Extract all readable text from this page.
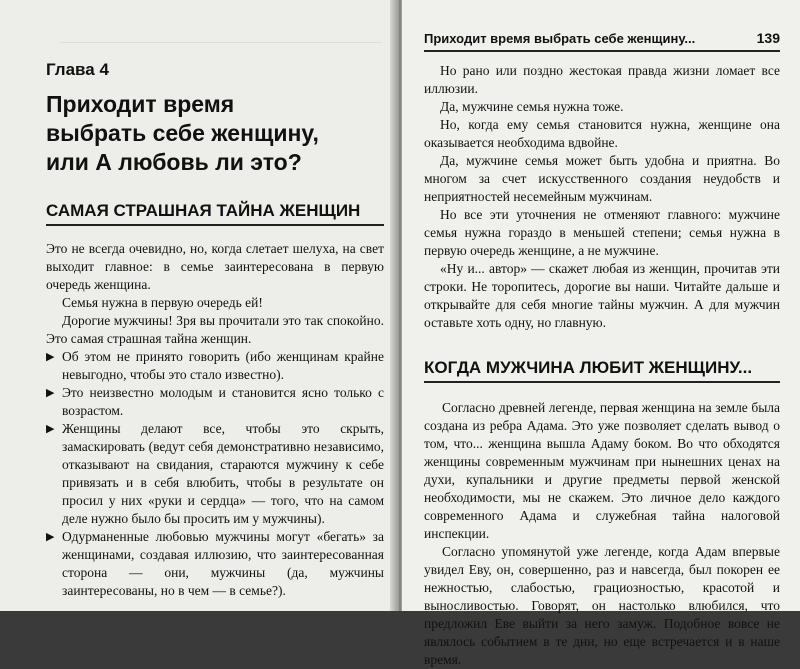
Глава 4
Приходит время
выбрать себе женщину,
или А любовь ли это?
САМАЯ СТРАШНАЯ ТАЙНА ЖЕНЩИН

Это не всегда очевидно, но, когда слетает шелуха, на свет выходит главное: в семье заинтересована в первую очередь женщина.

Семья нужна в первую очередь ей!

Дорогие мужчины! Зря вы прочитали это так спокойно. Это самая страшная тайна женщин.

▶ Об этом не принято говорить (ибо женщинам крайне невыгодно, чтобы это стало известно).
▶ Это неизвестно молодым и становится ясно только с возрастом.
▶ Женщины делают все, чтобы это скрыть, замаскировать (ведут себя демонстративно независимо, отказывают на свидания, стараются мужчину к себе привязать и в себя влюбить, чтобы в результате он просил у них «руки и сердца» — того, что на самом деле нужно было бы просить им у мужчины).
▶ Одурманенные любовью мужчины могут «бегать» за женщинами, создавая иллюзию, что заинтересованная сторона — они, мужчины (да, мужчины заинтересованы, но в чем — в семье?).
Приходит время выбрать себе женщину...	139

Но рано или поздно жестокая правда жизни ломает все иллюзии.

Да, мужчине семья нужна тоже.

Но, когда ему семья становится нужна, женщине она оказывается необходима вдвойне.

Да, мужчине семья может быть удобна и приятна. Во многом за счет искусственного создания неудобств и неприятностей несемейным мужчинам.

Но все эти уточнения не отменяют главного: мужчине семья нужна гораздо в меньшей степени; семья нужна в первую очередь женщине, а не мужчине.

«Ну и... автор» — скажет любая из женщин, прочитав эти строки. Не торопитесь, дорогие вы наши. Читайте дальше и открывайте для себя многие тайны мужчин. А для мужчин оставьте хоть одну, но главную.

КОГДА МУЖЧИНА ЛЮБИТ ЖЕНЩИНУ...

Согласно древней легенде, первая женщина на земле была создана из ребра Адама. Это уже позволяет сделать вывод о том, что... женщина вышла Адаму боком. Во что обходятся женщины современным мужчинам при нынешних ценах на духи, купальники и другие предметы первой женской необходимости, мы не скажем. Это личное дело каждого современного Адама и служебная тайна налоговой инспекции.

Согласно упомянутой уже легенде, когда Адам впервые увидел Еву, он, совершенно, раз и навсегда, был покорен ее нежностью, слабостью, грациозностью, красотой и выносливостью. Говорят, он настолько влюбился, что предложил Еве выйти за него замуж. Подобное вовсе не являлось событием в те дни, но еще встречается и в наше время.
